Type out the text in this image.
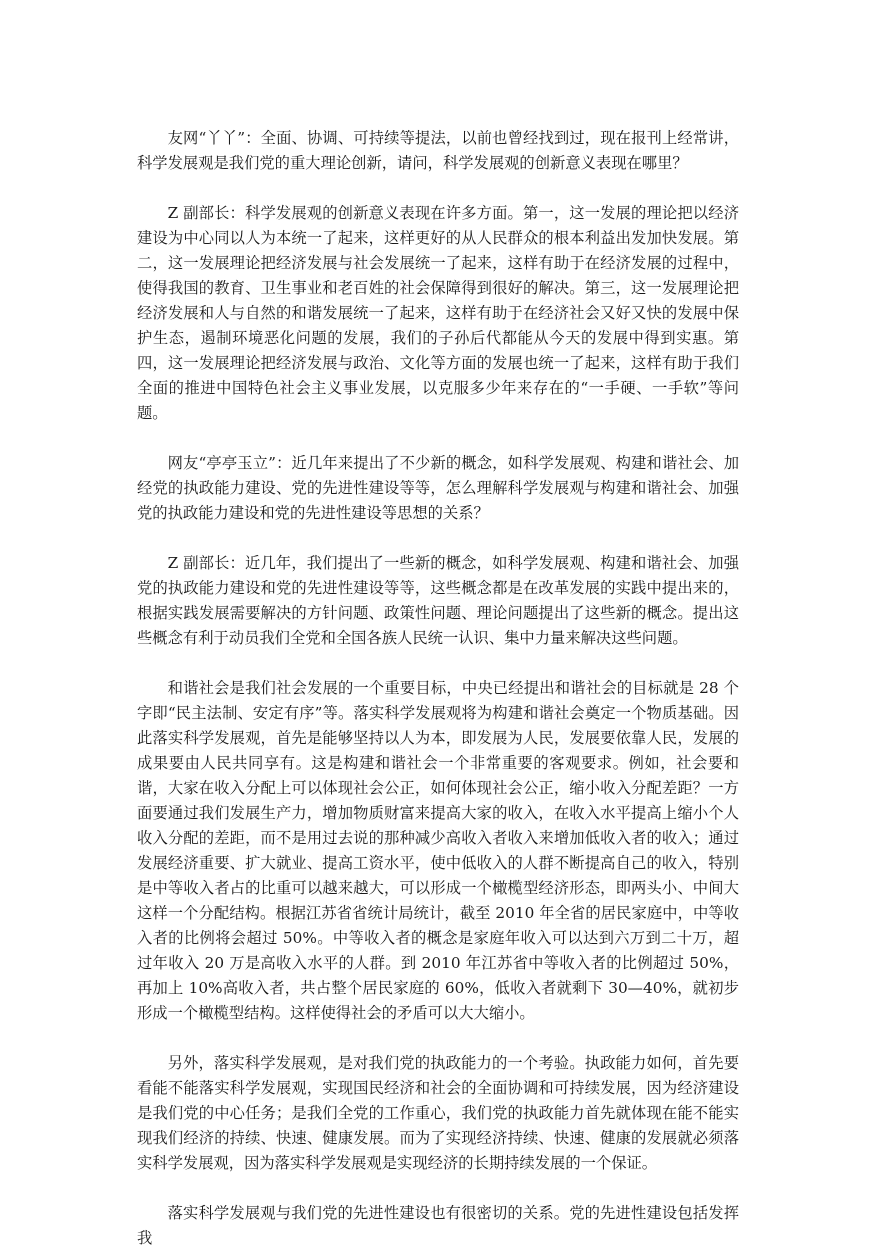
友网“丫丫”：全面、协调、可持续等提法，以前也曾经找到过，现在报刊上经常讲，科学发展观是我们党的重大理论创新，请问，科学发展观的创新意义表现在哪里？

Z 副部长：科学发展观的创新意义表现在许多方面。第一，这一发展的理论把以经济建设为中心同以人为本统一了起来，这样更好的从人民群众的根本利益出发加快发展。第二，这一发展理论把经济发展与社会发展统一了起来，这样有助于在经济发展的过程中，使得我国的教育、卫生事业和老百姓的社会保障得到很好的解决。第三，这一发展理论把经济发展和人与自然的和谐发展统一了起来，这样有助于在经济社会又好又快的发展中保护生态，遏制环境恶化问题的发展，我们的子孙后代都能从今天的发展中得到实惠。第四，这一发展理论把经济发展与政治、文化等方面的发展也统一了起来，这样有助于我们全面的推进中国特色社会主义事业发展，以克服多少年来存在的“一手硬、一手软”等问题。

网友“亭亭玉立”：近几年来提出了不少新的概念，如科学发展观、构建和谐社会、加经党的执政能力建设、党的先进性建设等等，怎么理解科学发展观与构建和谐社会、加强党的执政能力建设和党的先进性建设等思想的关系？

Z 副部长：近几年，我们提出了一些新的概念，如科学发展观、构建和谐社会、加强党的执政能力建设和党的先进性建设等等，这些概念都是在改革发展的实践中提出来的，根据实践发展需要解决的方针问题、政策性问题、理论问题提出了这些新的概念。提出这些概念有利于动员我们全党和全国各族人民统一认识、集中力量来解决这些问题。

和谐社会是我们社会发展的一个重要目标，中央已经提出和谐社会的目标就是 28 个字即“民主法制、安定有序”等。落实科学发展观将为构建和谐社会奠定一个物质基础。因此落实科学发展观，首先是能够坚持以人为本，即发展为人民，发展要依靠人民，发展的成果要由人民共同享有。这是构建和谐社会一个非常重要的客观要求。例如，社会要和谐，大家在收入分配上可以体现社会公正，如何体现社会公正，缩小收入分配差距？一方面要通过我们发展生产力，增加物质财富来提高大家的收入，在收入水平提高上缩小个人收入分配的差距，而不是用过去说的那种减少高收入者收入来增加低收入者的收入；通过发展经济重要、扩大就业、提高工资水平，使中低收入的人群不断提高自己的收入，特别是中等收入者占的比重可以越来越大，可以形成一个橄榄型经济形态，即两头小、中间大这样一个分配结构。根据江苏省省统计局统计，截至 2010 年全省的居民家庭中，中等收入者的比例将会超过 50%。中等收入者的概念是家庭年收入可以达到六万到二十万，超过年收入 20 万是高收入水平的人群。到 2010 年江苏省中等收入者的比例超过 50%，再加上 10%高收入者，共占整个居民家庭的 60%，低收入者就剩下 30—40%，就初步形成一个橄榄型结构。这样使得社会的矛盾可以大大缩小。

另外，落实科学发展观，是对我们党的执政能力的一个考验。执政能力如何，首先要看能不能落实科学发展观，实现国民经济和社会的全面协调和可持续发展，因为经济建设是我们党的中心任务；是我们全党的工作重心，我们党的执政能力首先就体现在能不能实现我们经济的持续、快速、健康发展。而为了实现经济持续、快速、健康的发展就必须落实科学发展观，因为落实科学发展观是实现经济的长期持续发展的一个保证。

落实科学发展观与我们党的先进性建设也有很密切的关系。党的先进性建设包括发挥我
